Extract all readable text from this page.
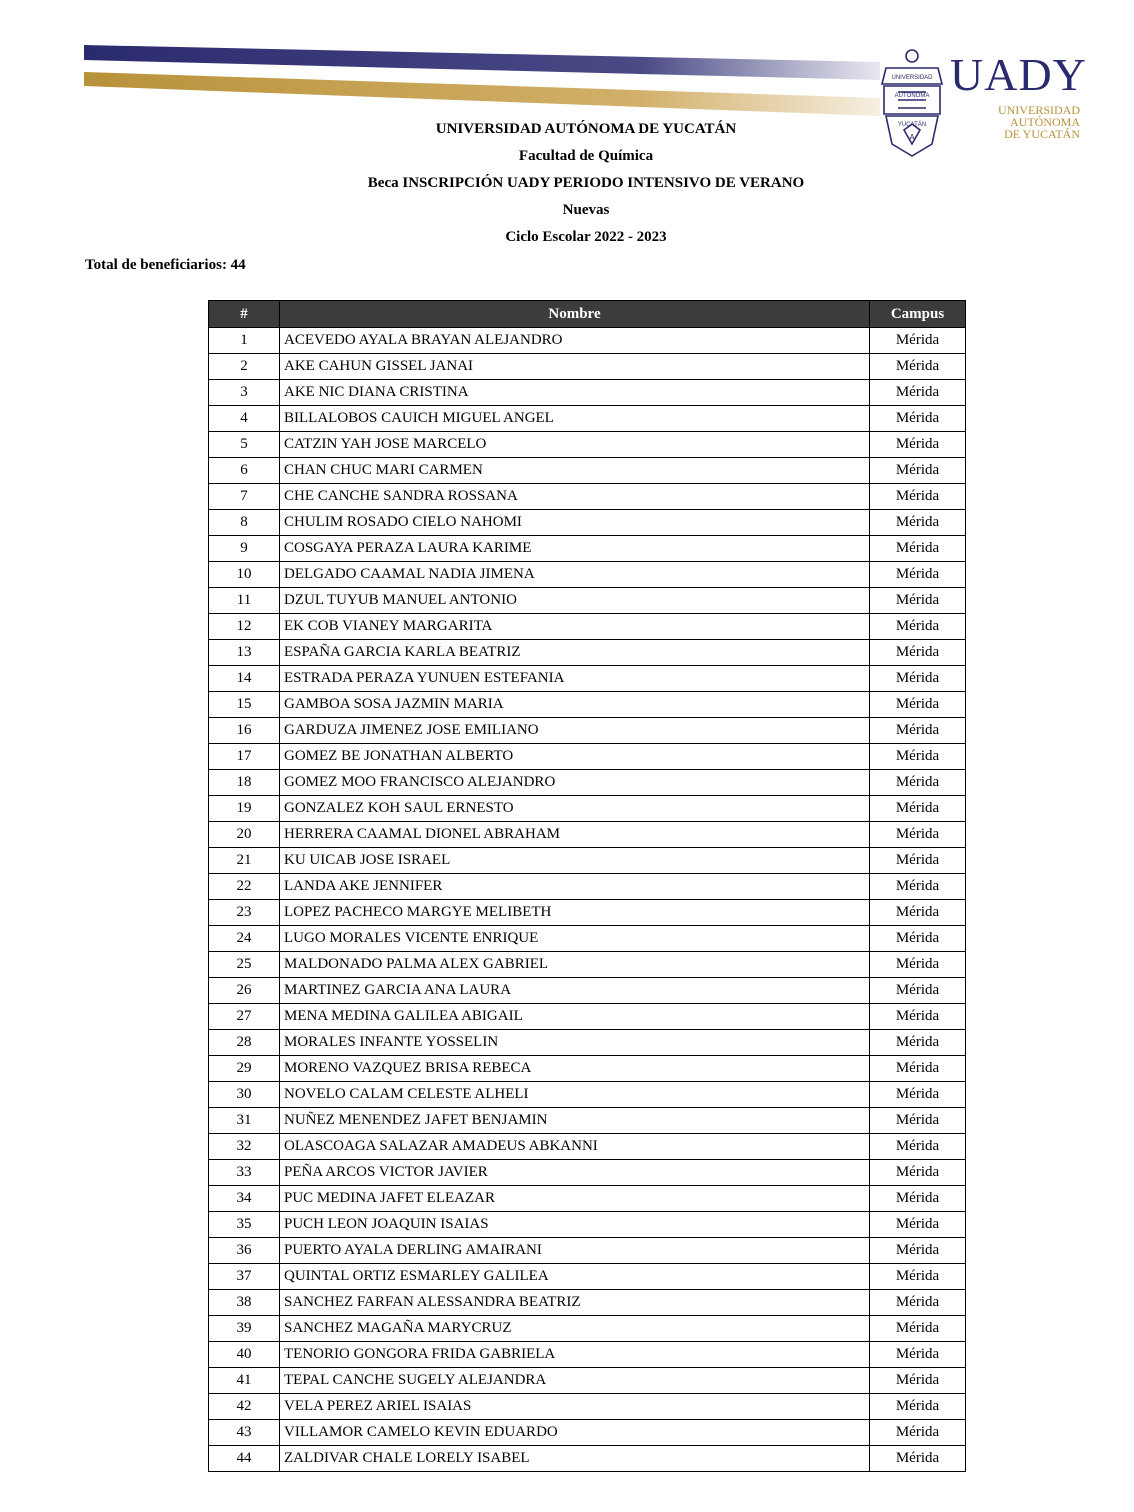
UNIVERSIDAD
AUTÓNOMA
YUCATÁN
A
UADY
UNIVERSIDAD
AUTÓNOMA
DE YUCATÁN
UNIVERSIDAD AUTÓNOMA DE YUCATÁN
Facultad de Química
Beca INSCRIPCIÓN UADY PERIODO INTENSIVO DE VERANO
Nuevas
Ciclo Escolar 2022 - 2023
Total de beneficiarios: 44
#	Nombre	Campus
1	ACEVEDO AYALA BRAYAN ALEJANDRO	Mérida
2	AKE CAHUN GISSEL JANAI	Mérida
3	AKE NIC DIANA CRISTINA	Mérida
4	BILLALOBOS CAUICH MIGUEL ANGEL	Mérida
5	CATZIN YAH JOSE MARCELO	Mérida
6	CHAN CHUC MARI CARMEN	Mérida
7	CHE CANCHE SANDRA ROSSANA	Mérida
8	CHULIM ROSADO CIELO NAHOMI	Mérida
9	COSGAYA PERAZA LAURA KARIME	Mérida
10	DELGADO CAAMAL NADIA JIMENA	Mérida
11	DZUL TUYUB MANUEL ANTONIO	Mérida
12	EK COB VIANEY MARGARITA	Mérida
13	ESPAÑA GARCIA KARLA BEATRIZ	Mérida
14	ESTRADA PERAZA YUNUEN ESTEFANIA	Mérida
15	GAMBOA SOSA JAZMIN MARIA	Mérida
16	GARDUZA JIMENEZ JOSE EMILIANO	Mérida
17	GOMEZ BE JONATHAN ALBERTO	Mérida
18	GOMEZ MOO FRANCISCO ALEJANDRO	Mérida
19	GONZALEZ KOH SAUL ERNESTO	Mérida
20	HERRERA CAAMAL DIONEL ABRAHAM	Mérida
21	KU UICAB JOSE ISRAEL	Mérida
22	LANDA AKE JENNIFER	Mérida
23	LOPEZ PACHECO MARGYE MELIBETH	Mérida
24	LUGO MORALES VICENTE ENRIQUE	Mérida
25	MALDONADO PALMA ALEX GABRIEL	Mérida
26	MARTINEZ GARCIA ANA LAURA	Mérida
27	MENA MEDINA GALILEA ABIGAIL	Mérida
28	MORALES INFANTE YOSSELIN	Mérida
29	MORENO VAZQUEZ BRISA REBECA	Mérida
30	NOVELO CALAM CELESTE ALHELI	Mérida
31	NUÑEZ MENENDEZ JAFET BENJAMIN	Mérida
32	OLASCOAGA SALAZAR AMADEUS ABKANNI	Mérida
33	PEÑA ARCOS VICTOR JAVIER	Mérida
34	PUC MEDINA JAFET ELEAZAR	Mérida
35	PUCH LEON JOAQUIN ISAIAS	Mérida
36	PUERTO AYALA DERLING AMAIRANI	Mérida
37	QUINTAL ORTIZ ESMARLEY GALILEA	Mérida
38	SANCHEZ FARFAN ALESSANDRA BEATRIZ	Mérida
39	SANCHEZ MAGAÑA MARYCRUZ	Mérida
40	TENORIO GONGORA FRIDA GABRIELA	Mérida
41	TEPAL CANCHE SUGELY ALEJANDRA	Mérida
42	VELA PEREZ ARIEL ISAIAS	Mérida
43	VILLAMOR CAMELO KEVIN EDUARDO	Mérida
44	ZALDIVAR CHALE LORELY ISABEL	Mérida
